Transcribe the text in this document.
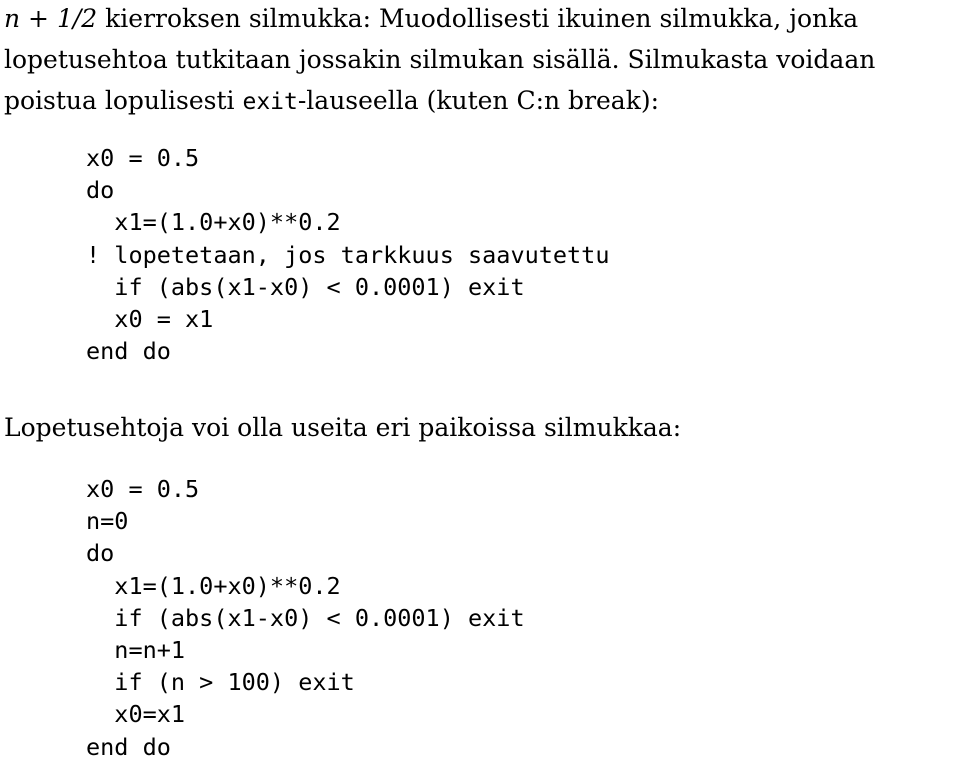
n + 1/2 kierroksen silmukka: Muodollisesti ikuinen silmukka, jonka
lopetusehtoa tutkitaan jossakin silmukan sisällä. Silmukasta voidaan
poistua lopulisesti exit-lauseella (kuten C:n break):
x0 = 0.5
do
x1=(1.0+x0)**0.2
! lopetetaan, jos tarkkuus saavutettu
if (abs(x1-x0) < 0.0001) exit
x0 = x1
end do
Lopetusehtoja voi olla useita eri paikoissa silmukkaa:
x0 = 0.5
n=0
do
x1=(1.0+x0)**0.2
if (abs(x1-x0) < 0.0001) exit
n=n+1
if (n > 100) exit
x0=x1
end do
